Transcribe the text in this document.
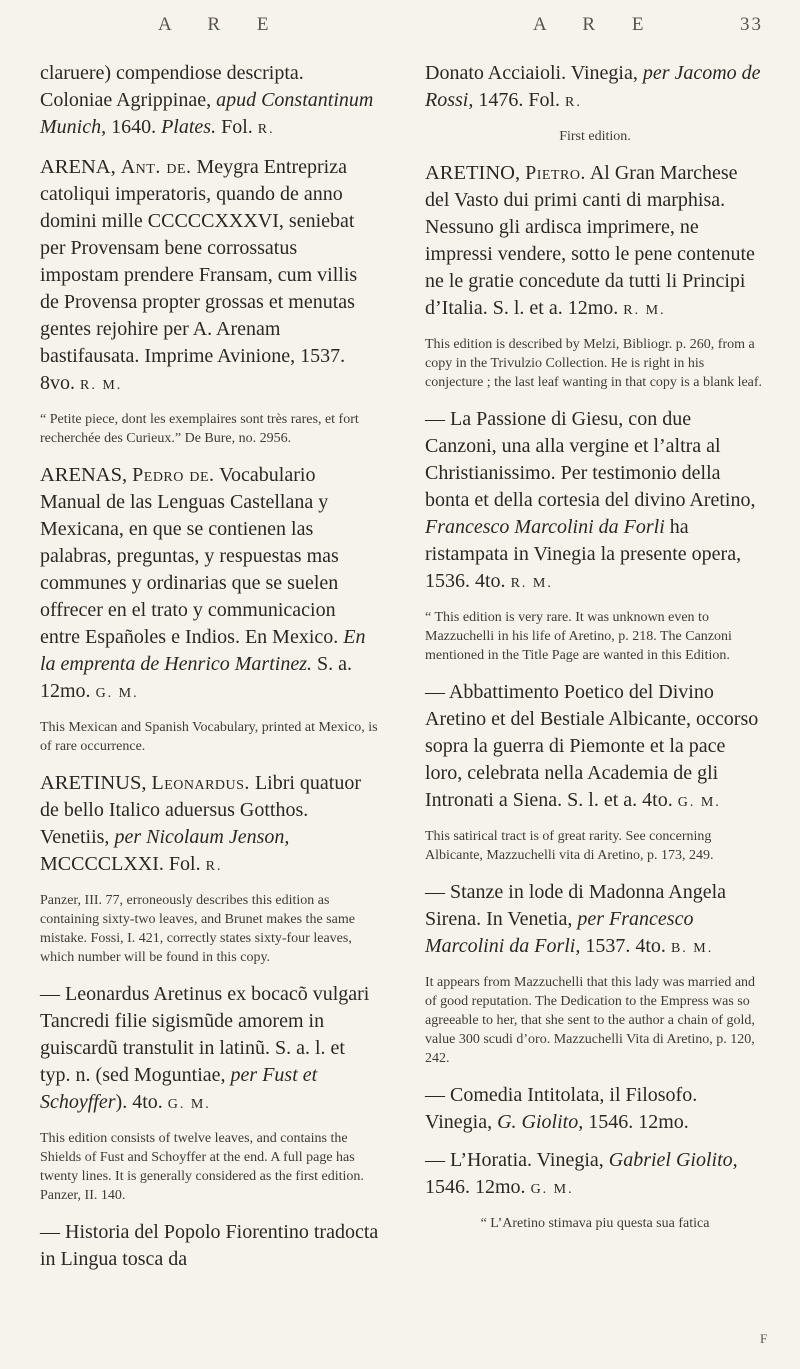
A R E	A R E	33

claruere) compendiose descripta. Coloniae Agrippinae, apud Constantinum Munich, 1640. Plates. Fol. R.

ARENA, Ant. de. Meygra Entrepriza catoliqui imperatoris, quando de anno domini mille CCCCCXXXVI, seniebat per Provensam bene corrossatus impostam prendere Fransam, cum villis de Provensa propter grossas et menutas gentes rejohire per A. Arenam bastifausata. Imprime Avinione, 1537. 8vo. R. M.

“ Petite piece, dont les exemplaires sont très rares, et fort recherchée des Curieux.” De Bure, no. 2956.

ARENAS, Pedro de. Vocabulario Manual de las Lenguas Castellana y Mexicana, en que se contienen las palabras, preguntas, y respuestas mas communes y ordinarias que se suelen offrecer en el trato y communicacion entre Españoles e Indios. En Mexico. En la emprenta de Henrico Martinez. S. a. 12mo. G. M.

This Mexican and Spanish Vocabulary, printed at Mexico, is of rare occurrence.

ARETINUS, Leonardus. Libri quatuor de bello Italico aduersus Gotthos. Venetiis, per Nicolaum Jenson, MCCCCLXXI. Fol. R.

Panzer, III. 77, erroneously describes this edition as containing sixty-two leaves, and Brunet makes the same mistake. Fossi, I. 421, correctly states sixty-four leaves, which number will be found in this copy.

— Leonardus Aretinus ex bocacõ vulgari Tancredi filie sigismũde amorem in guiscardũ transtulit in latinũ. S. a. l. et typ. n. (sed Moguntiae, per Fust et Schoyffer). 4to. G. M.

This edition consists of twelve leaves, and contains the Shields of Fust and Schoyffer at the end. A full page has twenty lines. It is generally considered as the first edition. Panzer, II. 140.

— Historia del Popolo Fiorentino tradocta in Lingua tosca da

Donato Acciaioli. Vinegia, per Jacomo de Rossi, 1476. Fol. R.

First edition.

ARETINO, Pietro. Al Gran Marchese del Vasto dui primi canti di marphisa. Nessuno gli ardisca imprimere, ne impressi vendere, sotto le pene contenute ne le gratie concedute da tutti li Principi d’Italia. S. l. et a. 12mo. R. M.

This edition is described by Melzi, Bibliogr. p. 260, from a copy in the Trivulzio Collection. He is right in his conjecture ; the last leaf wanting in that copy is a blank leaf.

— La Passione di Giesu, con due Canzoni, una alla vergine et l’altra al Christianissimo. Per testimonio della bonta et della cortesia del divino Aretino, Francesco Marcolini da Forli ha ristampata in Vinegia la presente opera, 1536. 4to. R. M.

“ This edition is very rare. It was unknown even to Mazzuchelli in his life of Aretino, p. 218. The Canzoni mentioned in the Title Page are wanted in this Edition.

— Abbattimento Poetico del Divino Aretino et del Bestiale Albicante, occorso sopra la guerra di Piemonte et la pace loro, celebrata nella Academia de gli Intronati a Siena. S. l. et a. 4to. G. M.

This satirical tract is of great rarity. See concerning Albicante, Mazzuchelli vita di Aretino, p. 173, 249.

— Stanze in lode di Madonna Angela Sirena. In Venetia, per Francesco Marcolini da Forli, 1537. 4to. B. M.

It appears from Mazzuchelli that this lady was married and of good reputation. The Dedication to the Empress was so agreeable to her, that she sent to the author a chain of gold, value 300 scudi d’oro. Mazzuchelli Vita di Aretino, p. 120, 242.

— Comedia Intitolata, il Filosofo. Vinegia, G. Giolito, 1546. 12mo.

— L’Horatia. Vinegia, Gabriel Giolito, 1546. 12mo. G. M.

“ L’Aretino stimava piu questa sua fatica

F
